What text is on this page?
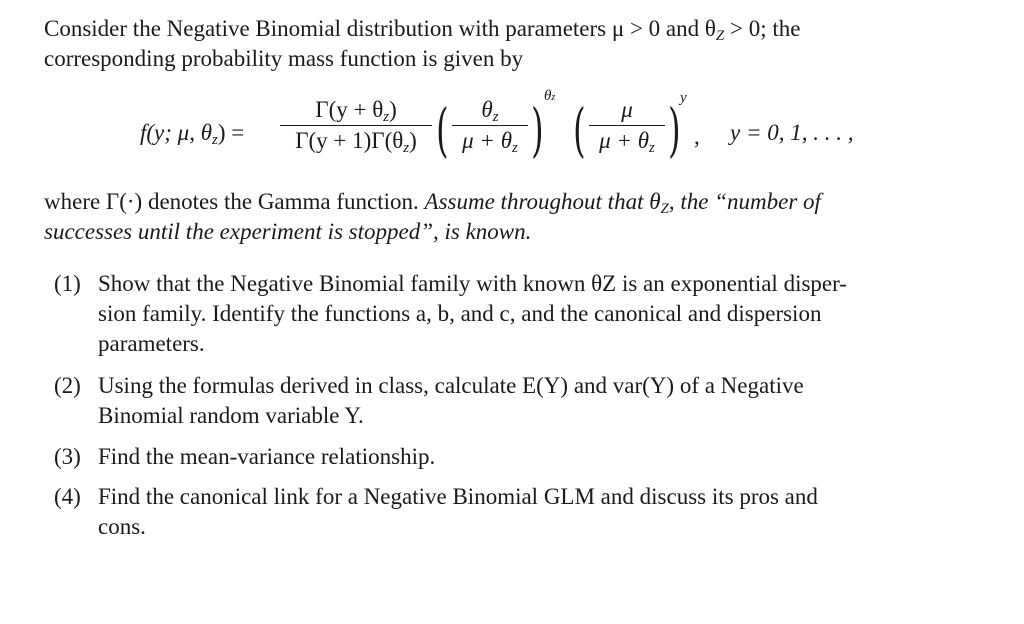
Consider the Negative Binomial distribution with parameters μ > 0 and $\theta_Z > 0$; the
corresponding probability mass function is given by
f(y; μ, $\theta_z$) =
$\Gamma(y + \theta_z)$
$\Gamma(y + 1)\Gamma(\theta_z)$ (	$\theta_z$
$\mu + \theta_z$ ) θz (	μ
$\mu + \theta_z$ ) y
, y = 0, 1, . . . ,
where Γ(·) denotes the Gamma function. Assume throughout that $\theta_Z$, the “number of
successes until the experiment is stopped”, is known.
(1) Show that the Negative Binomial family with known θZ is an exponential disper-
sion family. Identify the functions a, b, and c, and the canonical and dispersion
parameters.
(2) Using the formulas derived in class, calculate E(Y) and var(Y) of a Negative
Binomial random variable Y.
(3) Find the mean-variance relationship.
(4) Find the canonical link for a Negative Binomial GLM and discuss its pros and
cons.
